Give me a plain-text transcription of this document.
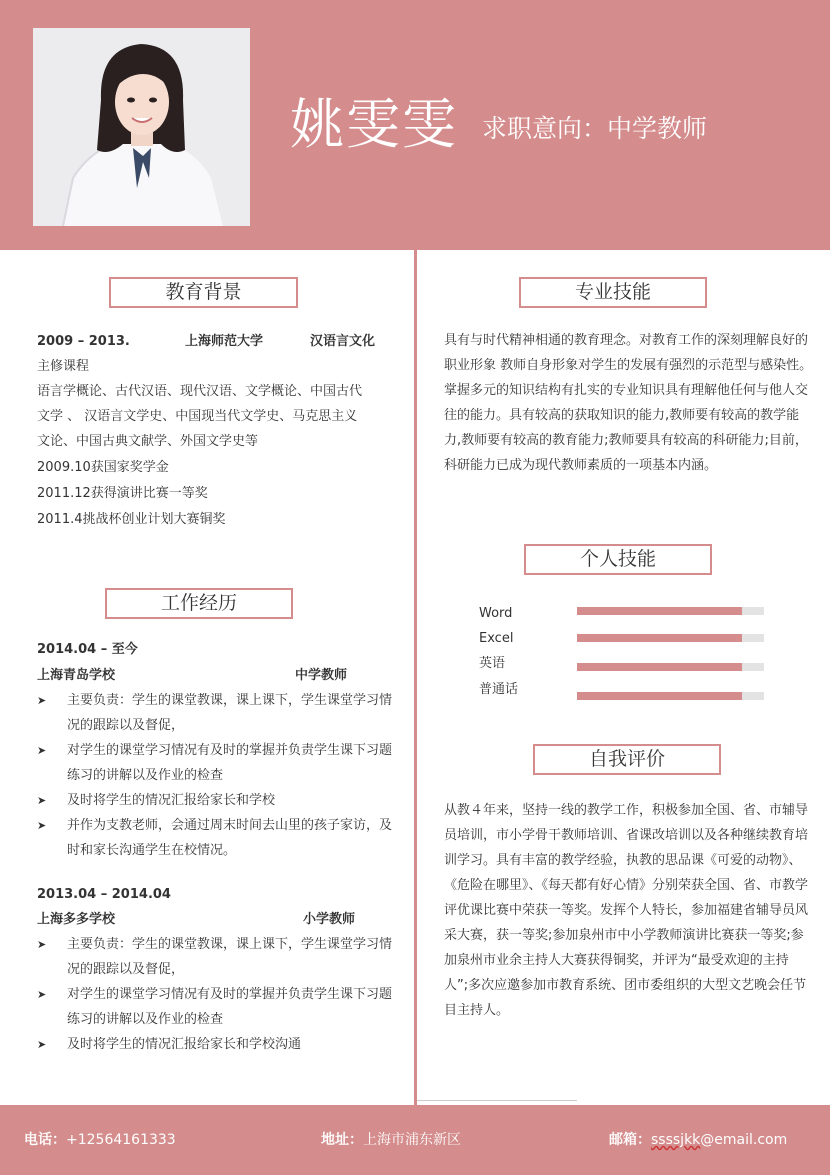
姚雯雯 求职意向：中学教师
教育背景
2009 – 2013.	上海师范大学	汉语言文化
主修课程
语言学概论、古代汉语、现代汉语、文学概论、中国古代
文学 、 汉语言文学史、中国现当代文学史、马克思主义
文论、中国古典文献学、外国文学史等
2009.10获国家奖学金
2011.12获得演讲比赛一等奖
2011.4挑战杯创业计划大赛铜奖
工作经历
2014.04 – 至今
上海青岛学校	中学教师
➤ 主要负责：学生的课堂教课，课上课下，学生课堂学习情况的跟踪以及督促，
➤ 对学生的课堂学习情况有及时的掌握并负责学生课下习题练习的讲解以及作业的检查
➤ 及时将学生的情况汇报给家长和学校
➤ 并作为支教老师，会通过周末时间去山里的孩子家访，及时和家长沟通学生在校情况。
2013.04 – 2014.04
上海多多学校	小学教师
➤ 主要负责：学生的课堂教课，课上课下，学生课堂学习情况的跟踪以及督促，
➤ 对学生的课堂学习情况有及时的掌握并负责学生课下习题练习的讲解以及作业的检查
➤ 及时将学生的情况汇报给家长和学校沟通
专业技能
具有与时代精神相通的教育理念。对教育工作的深刻理解良好的职业形象 教师自身形象对学生的发展有强烈的示范型与感染性。掌握多元的知识结构有扎实的专业知识具有理解他任何与他人交往的能力。具有较高的获取知识的能力,教师要有较高的教学能力,教师要有较高的教育能力;教师要具有较高的科研能力;目前，科研能力已成为现代教师素质的一项基本内涵。
个人技能
Word
Excel
英语
普通话
自我评价
从教４年来，坚持一线的教学工作，积极参加全国、省、市辅导员培训，市小学骨干教师培训、省课改培训以及各种继续教育培训学习。具有丰富的教学经验，执教的思品课《可爱的动物》、《危险在哪里》、《每天都有好心情》分别荣获全国、省、市教学评优课比赛中荣获一等奖。发挥个人特长，参加福建省辅导员风采大赛，获一等奖;参加泉州市中小学教师演讲比赛获一等奖;参加泉州市业余主持人大赛获得铜奖，并评为“最受欢迎的主持人”;多次应邀参加市教育系统、团市委组织的大型文艺晚会任节目主持人。
电话：+12564161333	地址：上海市浦东新区	邮箱：ssssjkk@email.com
